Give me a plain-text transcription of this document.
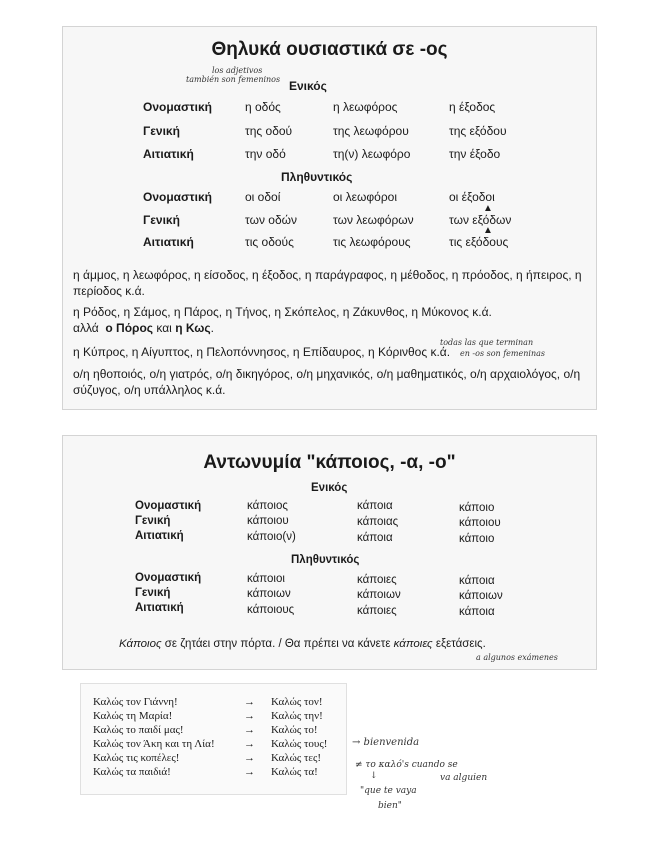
Θηλυκά ουσιαστικά σε -ος
Ενικός
Ονομαστική	η οδός	η λεωφόρος	η έξοδος
Γενική	της οδού	της λεωφόρου	της εξόδου
Αιτιατική	την οδό	τη(ν) λεωφόρο	την έξοδο
Πληθυντικός
Ονομαστική	οι οδοί	οι λεωφόροι	οι έξοδοι
Γενική	των οδών	των λεωφόρων	των εξόδων
Αιτιατική	τις οδούς	τις λεωφόρους	τις εξόδους
▲
▲
η άμμος, η λεωφόρος, η είσοδος, η έξοδος, η παράγραφος, η μέθοδος, η πρόοδος, η ήπειρος, η περίοδος κ.ά.
η Ρόδος, η Σάμος, η Πάρος, η Τήνος, η Σκόπελος, η Ζάκυνθος, η Μύκονος κ.ά.
αλλά ο Πόρος και η Κως.
η Κύπρος, η Αίγυπτος, η Πελοπόννησος, η Επίδαυρος, η Κόρινθος κ.ά.
ο/η ηθοποιός, ο/η γιατρός, ο/η δικηγόρος, ο/η μηχανικός, ο/η μαθηματικός, ο/η αρχαιολόγος, ο/η σύζυγος, ο/η υπάλληλος κ.ά.
los adjetivos
también son femeninos
todas las que terminan
en -os son femeninas
Αντωνυμία "κάποιος, -α, -ο"
Ενικός
Ονομαστική	κάποιος	κάποια	κάποιο
Γενική	κάποιου	κάποιας	κάποιου
Αιτιατική	κάποιο(ν)	κάποια	κάποιο
Πληθυντικός
Ονομαστική	κάποιοι	κάποιες	κάποια
Γενική	κάποιων	κάποιων	κάποιων
Αιτιατική	κάποιους	κάποιες	κάποια
Κάποιος σε ζητάει στην πόρτα. / Θα πρέπει να κάνετε κάποιες εξετάσεις.
a algunos exámenes
Καλώς τον Γιάννη!	→ Καλώς τον!
Καλώς τη Μαρία!	→ Καλώς την!
Καλώς το παιδί μας!	→ Καλώς το!
Καλώς τον Άκη και τη Λία!	→ Καλώς τους!
Καλώς τις κοπέλες!	→ Καλώς τες!
Καλώς τα παιδιά!	→ Καλώς τα!
→ bienvenida
≠ το καλό's cuando se
va alguien
↓
"que te vaya
bien"
